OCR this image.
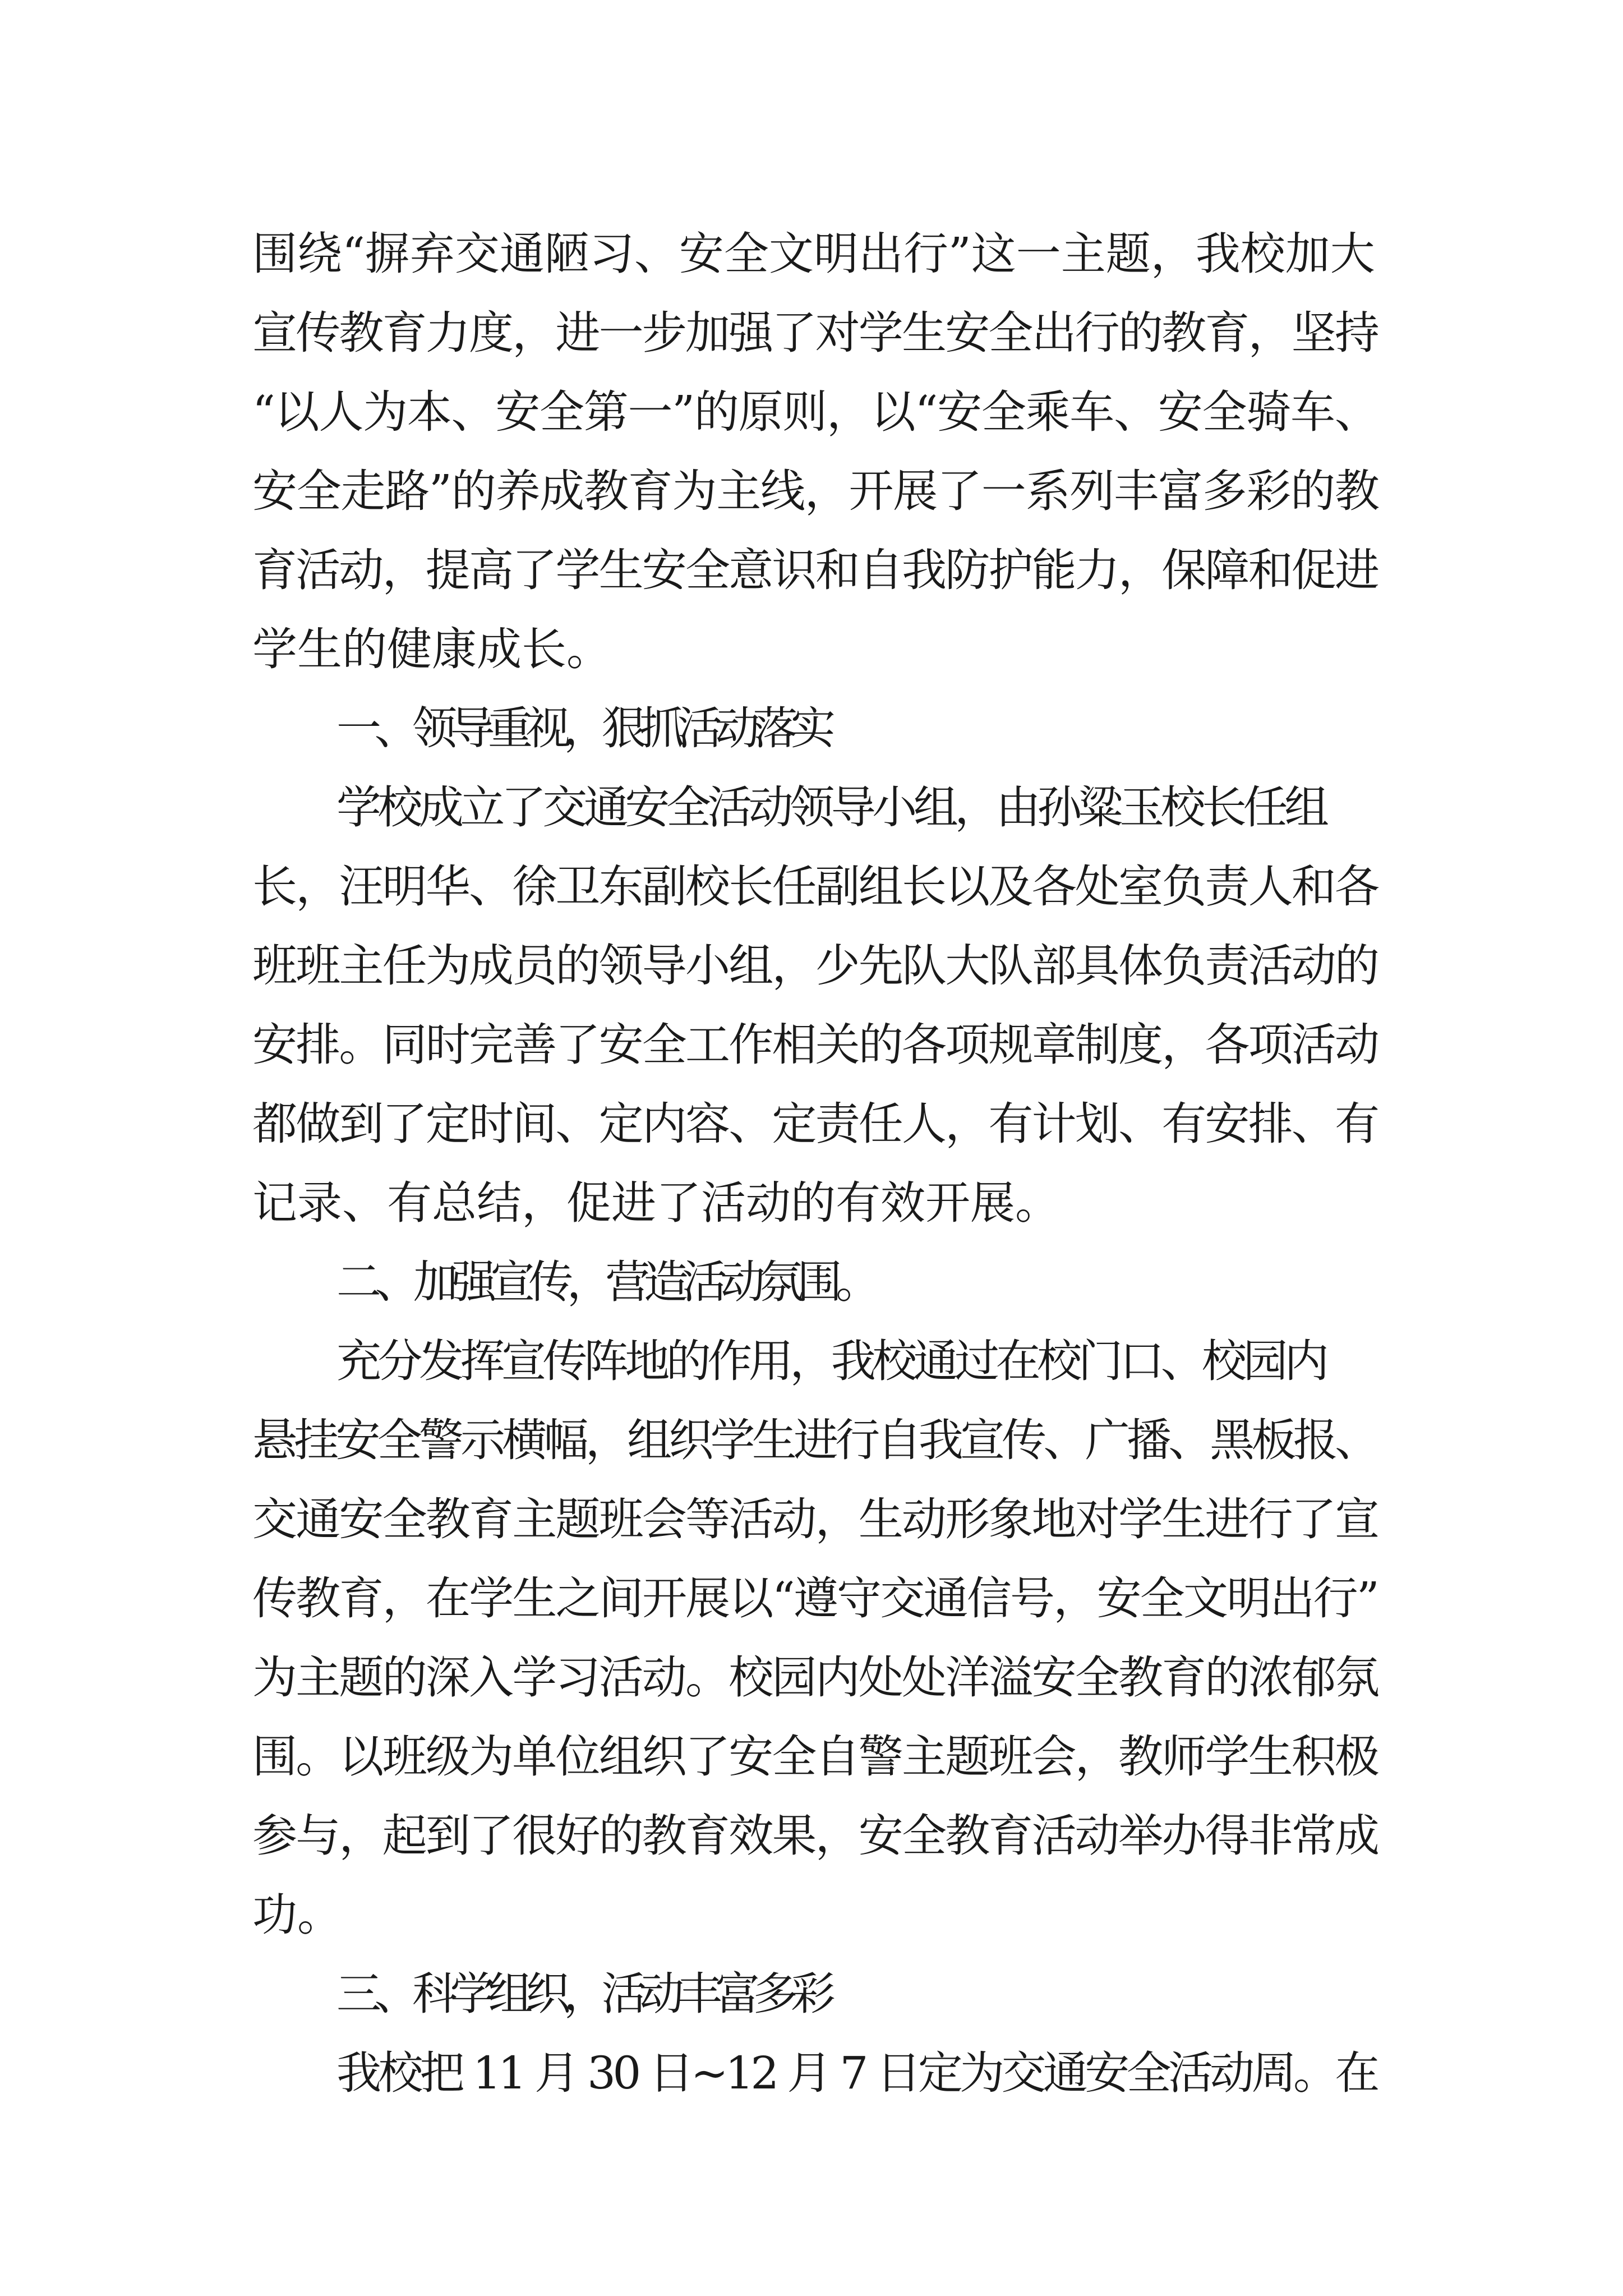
围绕“摒弃交通陋习、安全文明出行”这一主题，我校加大
宣传教育力度，进一步加强了对学生安全出行的教育，坚持
“以人为本、安全第一”的原则，以“安全乘车、安全骑车、
安全走路”的养成教育为主线，开展了一系列丰富多彩的教
育活动，提高了学生安全意识和自我防护能力，保障和促进
学生的健康成长。
一、领导重视，狠抓活动落实
学校成立了交通安全活动领导小组，由孙粱玉校长任组
长，汪明华、徐卫东副校长任副组长以及各处室负责人和各
班班主任为成员的领导小组，少先队大队部具体负责活动的
安排。同时完善了安全工作相关的各项规章制度，各项活动
都做到了定时间、定内容、定责任人，有计划、有安排、有
记录、有总结，促进了活动的有效开展。
二、加强宣传，营造活动氛围。
充分发挥宣传阵地的作用，我校通过在校门口、校园内
悬挂安全警示横幅，组织学生进行自我宣传、广播、黑板报、
交通安全教育主题班会等活动，生动形象地对学生进行了宣
传教育，在学生之间开展以“遵守交通信号，安全文明出行”
为主题的深入学习活动。校园内处处洋溢安全教育的浓郁氛
围。以班级为单位组织了安全自警主题班会，教师学生积极
参与，起到了很好的教育效果，安全教育活动举办得非常成
功。
三、科学组织，活动丰富多彩
我校把 11 月 30 日~12 月 7 日定为交通安全活动周。在
